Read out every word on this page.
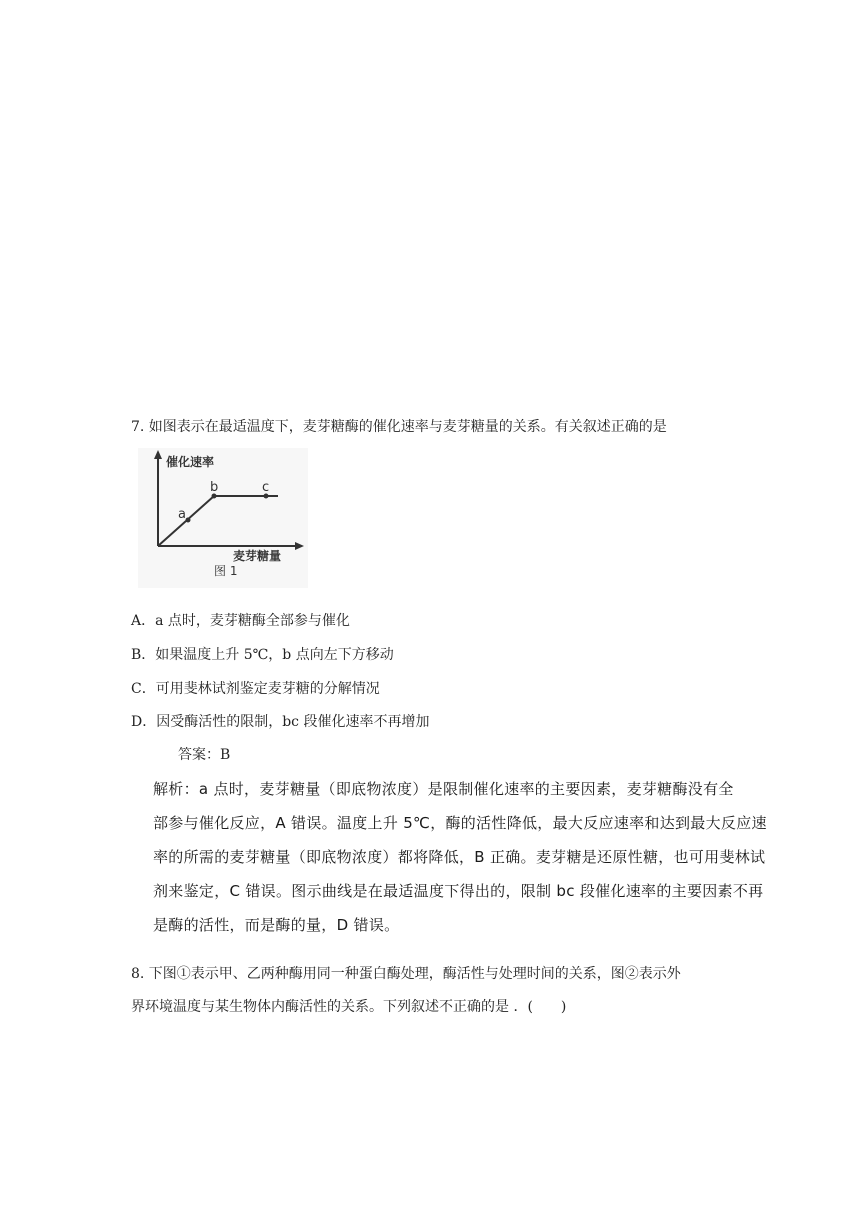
7. 如图表示在最适温度下，麦芽糖酶的催化速率与麦芽糖量的关系。有关叙述正确的是
催化速率
a
b	c
麦芽糖量
图 1
A．a 点时，麦芽糖酶全部参与催化
B．如果温度上升 5℃，b 点向左下方移动
C．可用斐林试剂鉴定麦芽糖的分解情况
D．因受酶活性的限制，bc 段催化速率不再增加
答案：B
解析：a 点时，麦芽糖量（即底物浓度）是限制催化速率的主要因素，麦芽糖酶没有全
部参与催化反应，A 错误。温度上升 5℃，酶的活性降低，最大反应速率和达到最大反应速
率的所需的麦芽糖量（即底物浓度）都将降低，B 正确。麦芽糖是还原性糖，也可用斐林试
剂来鉴定，C 错误。图示曲线是在最适温度下得出的，限制 bc 段催化速率的主要因素不再
是酶的活性，而是酶的量，D 错误。
8. 下图①表示甲、乙两种酶用同一种蛋白酶处理，酶活性与处理时间的关系，图②表示外
界环境温度与某生物体内酶活性的关系。下列叙述不正确的是 ．(　　)
